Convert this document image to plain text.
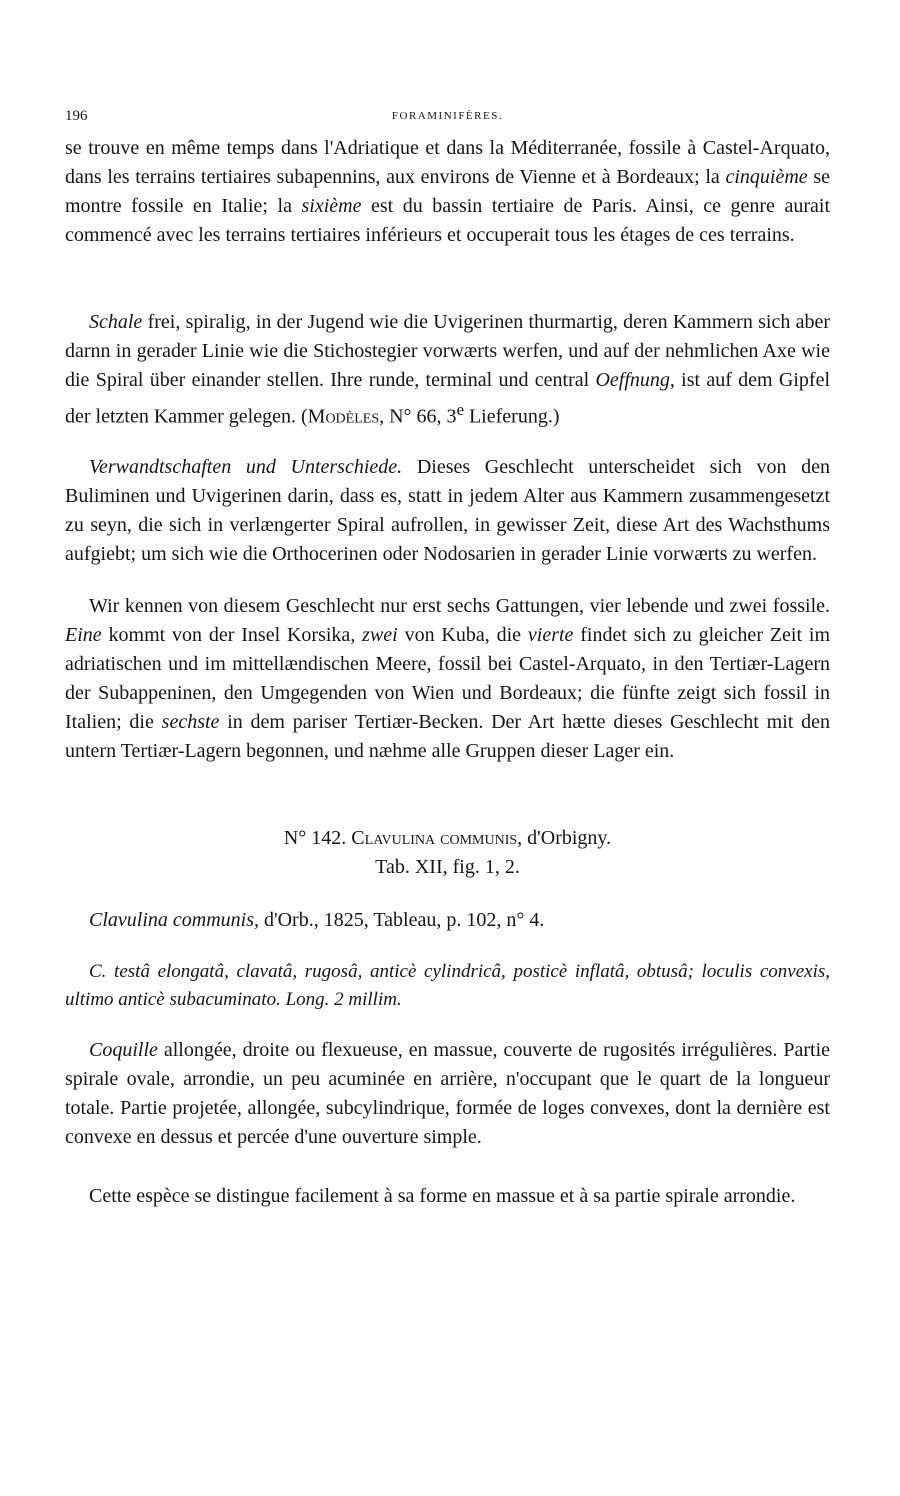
196	FORAMINIFÈRES.

se trouve en même temps dans l'Adriatique et dans la Méditerranée, fossile à Castel-Arquato, dans les terrains tertiaires subapennins, aux environs de Vienne et à Bordeaux; la cinquième se montre fossile en Italie; la sixième est du bassin tertiaire de Paris. Ainsi, ce genre aurait commencé avec les terrains tertiaires inférieurs et occuperait tous les étages de ces terrains.

Schale frei, spiralig, in der Jugend wie die Uvigerinen thurmartig, deren Kammern sich aber darnn in gerader Linie wie die Stichostegier vorwærts werfen, und auf der nehmlichen Axe wie die Spiral über einander stellen. Ihre runde, terminal und central Oeffnung, ist auf dem Gipfel der letzten Kammer gelegen. (Modèles, N° 66, 3e Lieferung.)

Verwandtschaften und Unterschiede. Dieses Geschlecht unterscheidet sich von den Buliminen und Uvigerinen darin, dass es, statt in jedem Alter aus Kammern zusammengesetzt zu seyn, die sich in verlængerter Spiral aufrollen, in gewisser Zeit, diese Art des Wachsthums aufgiebt; um sich wie die Orthocerinen oder Nodosarien in gerader Linie vorwærts zu werfen.

Wir kennen von diesem Geschlecht nur erst sechs Gattungen, vier lebende und zwei fossile. Eine kommt von der Insel Korsika, zwei von Kuba, die vierte findet sich zu gleicher Zeit im adriatischen und im mittellændischen Meere, fossil bei Castel-Arquato, in den Tertiær-Lagern der Subappeninen, den Umgegenden von Wien und Bordeaux; die fünfte zeigt sich fossil in Italien; die sechste in dem pariser Tertiær-Becken. Der Art hætte dieses Geschlecht mit den untern Tertiær-Lagern begonnen, und næhme alle Gruppen dieser Lager ein.

N° 142. Clavulina communis, d'Orbigny.

Tab. XII, fig. 1, 2.

Clavulina communis, d'Orb., 1825, Tableau, p. 102, n° 4.

C. testâ elongatâ, clavatâ, rugosâ, anticè cylindricâ, posticè inflatâ, obtusâ; loculis convexis, ultimo anticè subacuminato. Long. 2 millim.

Coquille allongée, droite ou flexueuse, en massue, couverte de rugosités irrégulières. Partie spirale ovale, arrondie, un peu acuminée en arrière, n'occupant que le quart de la longueur totale. Partie projetée, allongée, subcylindrique, formée de loges convexes, dont la dernière est convexe en dessus et percée d'une ouverture simple.

Cette espèce se distingue facilement à sa forme en massue et à sa partie spirale arrondie.
